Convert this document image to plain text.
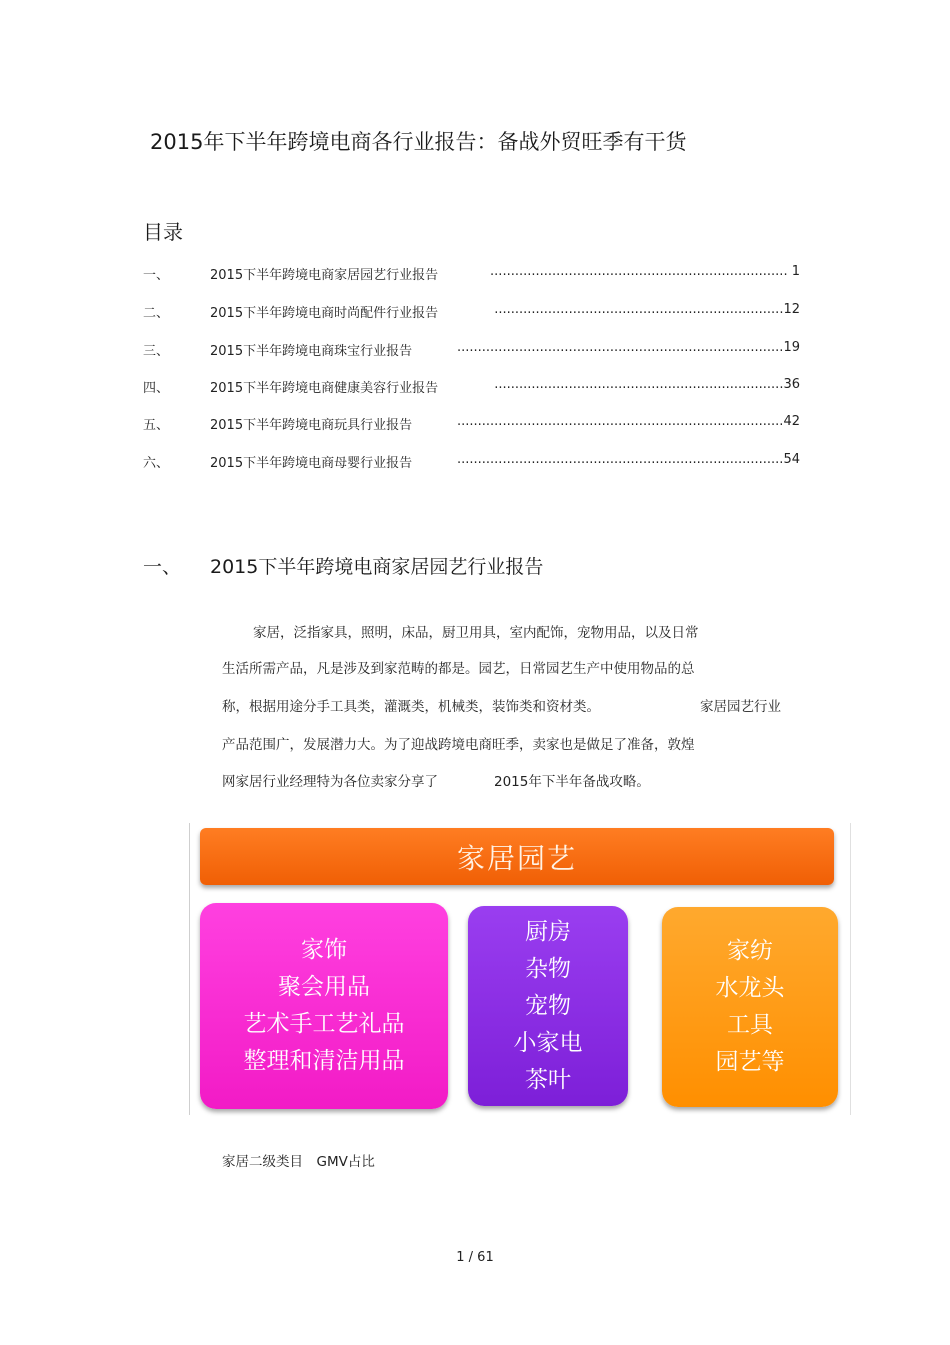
2015年下半年跨境电商各行业报告：备战外贸旺季有干货
目录
一、	2015下半年跨境电商家居园艺行业报告	........................................................................ 1
二、	2015下半年跨境电商时尚配件行业报告	......................................................................12
三、	2015下半年跨境电商珠宝行业报告	...............................................................................19
四、	2015下半年跨境电商健康美容行业报告	......................................................................36
五、	2015下半年跨境电商玩具行业报告	...............................................................................42
六、	2015下半年跨境电商母婴行业报告	...............................................................................54
一、 2015下半年跨境电商家居园艺行业报告
家居，泛指家具，照明，床品，厨卫用具，室内配饰，宠物用品，以及日常
生活所需产品，凡是涉及到家范畴的都是。园艺，日常园艺生产中使用物品的总
称，根据用途分手工具类，灌溉类，机械类，装饰类和资材类。	家居园艺行业
产品范围广，发展潜力大。为了迎战跨境电商旺季，卖家也是做足了准备，敦煌
网家居行业经理特为各位卖家分享了	2015年下半年备战攻略。
家居园艺
家饰
聚会用品
艺术手工艺礼品
整理和清洁用品
厨房
杂物
宠物
小家电
茶叶
家纺
水龙头
工具
园艺等
家居二级类目　GMV占比
1 / 61
